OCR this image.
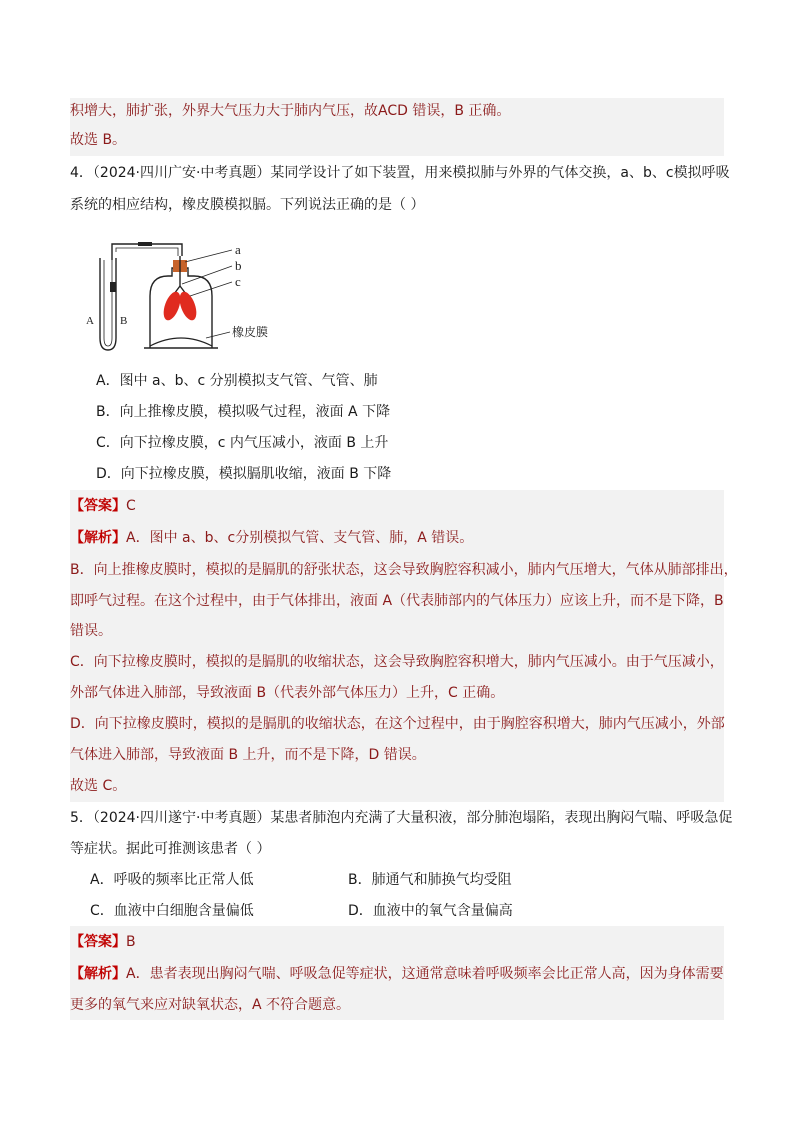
积增大，肺扩张，外界大气压力大于肺内气压，故ACD 错误，B 正确。
故选 B。
4．（2024·四川广安·中考真题）某同学设计了如下装置，用来模拟肺与外界的气体交换，a、b、c模拟呼吸
系统的相应结构，橡皮膜模拟膈。下列说法正确的是（ ）
a
b
c
橡皮膜
A B
A．图中 a、b、c 分别模拟支气管、气管、肺
B．向上推橡皮膜，模拟吸气过程，液面 A 下降
C．向下拉橡皮膜，c 内气压减小，液面 B 上升
D．向下拉橡皮膜，模拟膈肌收缩，液面 B 下降
【答案】C
【解析】A．图中 a、b、c分别模拟气管、支气管、肺，A 错误。
B．向上推橡皮膜时，模拟的是膈肌的舒张状态，这会导致胸腔容积减小，肺内气压增大，气体从肺部排出，
即呼气过程。在这个过程中，由于气体排出，液面 A（代表肺部内的气体压力）应该上升，而不是下降，B
错误。
C．向下拉橡皮膜时，模拟的是膈肌的收缩状态，这会导致胸腔容积增大，肺内气压减小。由于气压减小，
外部气体进入肺部，导致液面 B（代表外部气体压力）上升，C 正确。
D．向下拉橡皮膜时，模拟的是膈肌的收缩状态，在这个过程中，由于胸腔容积增大，肺内气压减小，外部
气体进入肺部，导致液面 B 上升，而不是下降，D 错误。
故选 C。
5．（2024·四川遂宁·中考真题）某患者肺泡内充满了大量积液，部分肺泡塌陷，表现出胸闷气喘、呼吸急促
等症状。据此可推测该患者（ ）
A．呼吸的频率比正常人低	B．肺通气和肺换气均受阻
C．血液中白细胞含量偏低	D．血液中的氧气含量偏高
【答案】B
【解析】A．患者表现出胸闷气喘、呼吸急促等症状，这通常意味着呼吸频率会比正常人高，因为身体需要
更多的氧气来应对缺氧状态，A 不符合题意。
